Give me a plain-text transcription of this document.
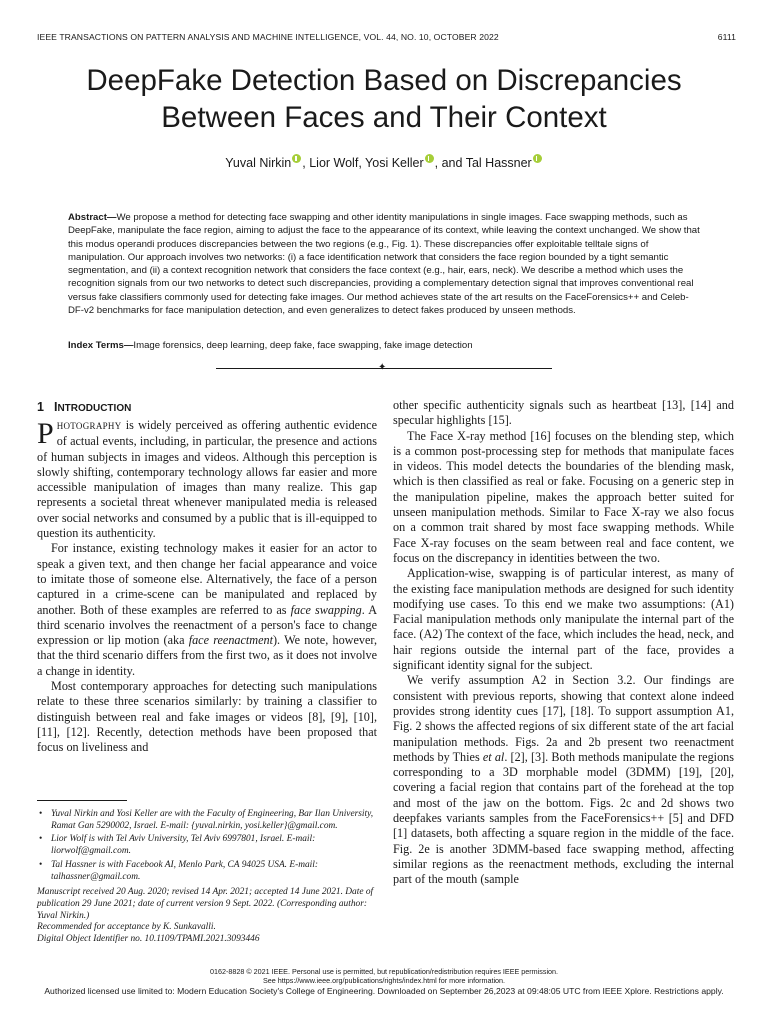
IEEE TRANSACTIONS ON PATTERN ANALYSIS AND MACHINE INTELLIGENCE, VOL. 44, NO. 10, OCTOBER 2022	6111
DeepFake Detection Based on Discrepancies
Between Faces and Their Context
Yuval Nirkin , Lior Wolf, Yosi Keller , and Tal Hassner
Abstract—We propose a method for detecting face swapping and other identity manipulations in single images. Face swapping methods, such as DeepFake, manipulate the face region, aiming to adjust the face to the appearance of its context, while leaving the context unchanged. We show that this modus operandi produces discrepancies between the two regions (e.g., Fig. 1). These discrepancies offer exploitable telltale signs of manipulation. Our approach involves two networks: (i) a face identification network that considers the face region bounded by a tight semantic segmentation, and (ii) a context recognition network that considers the face context (e.g., hair, ears, neck). We describe a method which uses the recognition signals from our two networks to detect such discrepancies, providing a complementary detection signal that improves conventional real versus fake classifiers commonly used for detecting fake images. Our method achieves state of the art results on the FaceForensics++ and Celeb-DF-v2 benchmarks for face manipulation detection, and even generalizes to detect fakes produced by unseen methods.
Index Terms—Image forensics, deep learning, deep fake, face swapping, fake image detection
✦
1 INTRODUCTION

PHOTOGRAPHY is widely perceived as offering authentic evidence of actual events, including, in particular, the presence and actions of human subjects in images and videos. Although this perception is slowly shifting, contemporary technology allows far easier and more accessible manipulation of images than many realize. This gap represents a societal threat whenever manipulated media is released over social networks and consumed by a public that is ill-equipped to question its authenticity.

For instance, existing technology makes it easier for an actor to speak a given text, and then change her facial appearance and voice to imitate those of someone else. Alternatively, the face of a person captured in a crime-scene can be manipulated and replaced by another. Both of these examples are referred to as face swapping. A third scenario involves the reenactment of a person's face to change expression or lip motion (aka face reenactment). We note, however, that the third scenario differs from the first two, as it does not involve a change in identity.

Most contemporary approaches for detecting such manipulations relate to these three scenarios similarly: by training a classifier to distinguish between real and fake images or videos [8], [9], [10], [11], [12]. Recently, detection methods have been proposed that focus on liveliness and

other specific authenticity signals such as heartbeat [13], [14] and specular highlights [15].

The Face X-ray method [16] focuses on the blending step, which is a common post-processing step for methods that manipulate faces in videos. This model detects the boundaries of the blending mask, which is then classified as real or fake. Focusing on a generic step in the manipulation pipeline, makes the approach better suited for unseen manipulation methods. Similar to Face X-ray we also focus on a common trait shared by most face swapping methods. While Face X-ray focuses on the seam between real and face content, we focus on the discrepancy in identities between the two.

Application-wise, swapping is of particular interest, as many of the existing face manipulation methods are designed for such identity modifying use cases. To this end we make two assumptions: (A1) Facial manipulation methods only manipulate the internal part of the face. (A2) The context of the face, which includes the head, neck, and hair regions outside the internal part of the face, provides a significant identity signal for the subject.

We verify assumption A2 in Section 3.2. Our findings are consistent with previous reports, showing that context alone indeed provides strong identity cues [17], [18]. To support assumption A1, Fig. 2 shows the affected regions of six different state of the art facial manipulation methods. Figs. 2a and 2b present two reenactment methods by Thies et al. [2], [3]. Both methods manipulate the regions corresponding to a 3D morphable model (3DMM) [19], [20], covering a facial region that contains part of the forehead at the top and most of the jaw on the bottom. Figs. 2c and 2d shows two deepfakes variants samples from the FaceForensics++ [5] and DFD [1] datasets, both affecting a square region in the middle of the face. Fig. 2e is another 3DMM-based face swapping method, affecting similar regions as the reenactment methods, excluding the internal part of the mouth (sample

• Yuval Nirkin and Yosi Keller are with the Faculty of Engineering, Bar Ilan University, Ramat Gan 5290002, Israel. E-mail: {yuval.nirkin, yosi.keller}@gmail.com.
• Lior Wolf is with Tel Aviv University, Tel Aviv 6997801, Israel. E-mail: liorwolf@gmail.com.
• Tal Hassner is with Facebook AI, Menlo Park, CA 94025 USA. E-mail: talhassner@gmail.com.
Manuscript received 20 Aug. 2020; revised 14 Apr. 2021; accepted 14 June 2021. Date of publication 29 June 2021; date of current version 9 Sept. 2022. (Corresponding author: Yuval Nirkin.)
Recommended for acceptance by K. Sunkavalli.
Digital Object Identifier no. 10.1109/TPAMI.2021.3093446
0162-8828 © 2021 IEEE. Personal use is permitted, but republication/redistribution requires IEEE permission.
See https://www.ieee.org/publications/rights/index.html for more information.
Authorized licensed use limited to: Modern Education Society's College of Engineering. Downloaded on September 26,2023 at 09:48:05 UTC from IEEE Xplore. Restrictions apply.
